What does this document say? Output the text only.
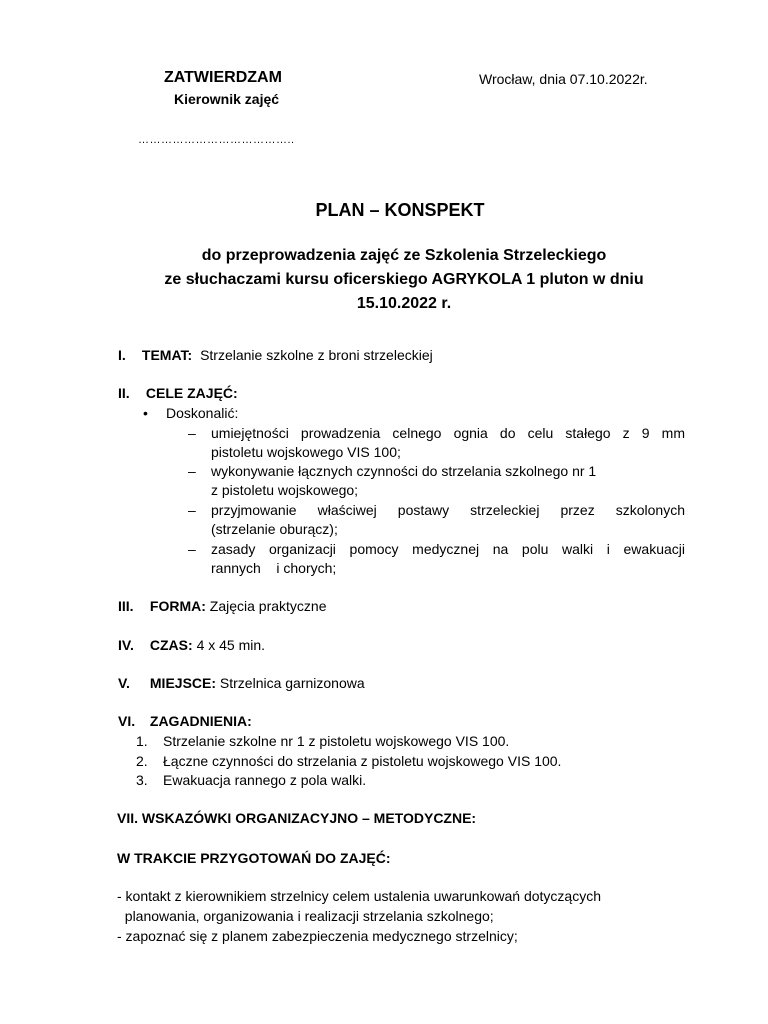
ZATWIERDZAM
Kierownik zajęć
Wrocław, dnia 07.10.2022r.
…………………………………..
PLAN – KONSPEKT
do przeprowadzenia zajęć ze Szkolenia Strzeleckiego
ze słuchaczami kursu oficerskiego AGRYKOLA 1 pluton w dniu
15.10.2022 r.
I. TEMAT: Strzelanie szkolne z broni strzeleckiej
II. CELE ZAJĘĆ:
• Doskonalić:
– umiejętności prowadzenia celnego ognia do celu stałego z 9 mm
pistoletu wojskowego VIS 100;
– wykonywanie łącznych czynności do strzelania szkolnego nr 1
z pistoletu wojskowego;
– przyjmowanie właściwej postawy strzeleckiej przez szkolonych
(strzelanie oburącz);
– zasady organizacji pomocy medycznej na polu walki i ewakuacji
rannych    i chorych;
III. FORMA: Zajęcia praktyczne
IV. CZAS: 4 x 45 min.
V. MIEJSCE: Strzelnica garnizonowa
VI. ZAGADNIENIA:
1. Strzelanie szkolne nr 1 z pistoletu wojskowego VIS 100.
2. Łączne czynności do strzelania z pistoletu wojskowego VIS 100.
3. Ewakuacja rannego z pola walki.
VII. WSKAZÓWKI ORGANIZACYJNO – METODYCZNE:
W TRAKCIE PRZYGOTOWAŃ DO ZAJĘĆ:
- kontakt z kierownikiem strzelnicy celem ustalenia uwarunkowań dotyczących
planowania, organizowania i realizacji strzelania szkolnego;
- zapoznać się z planem zabezpieczenia medycznego strzelnicy;
